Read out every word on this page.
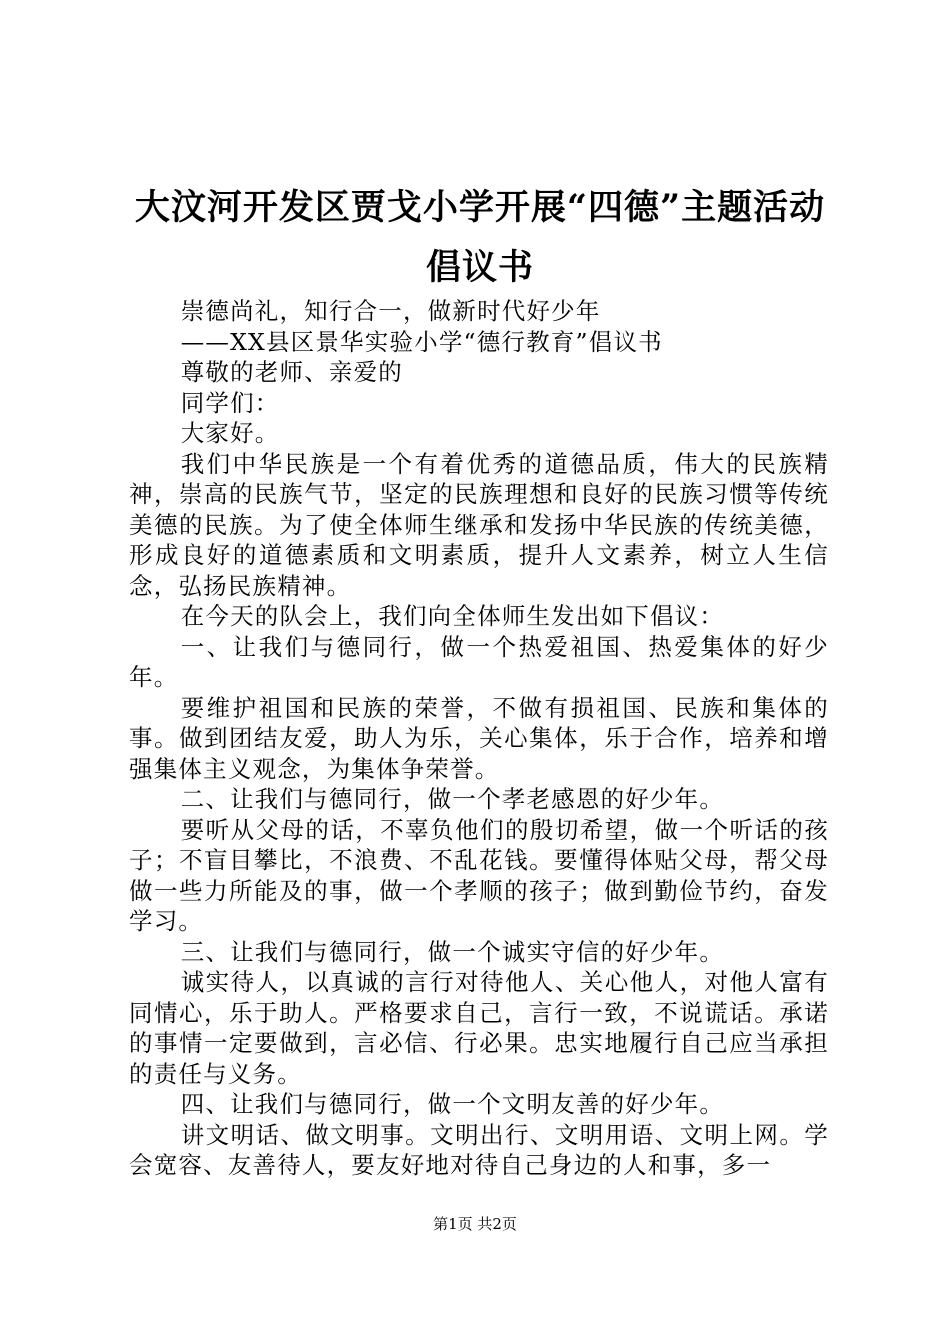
大汶河开发区贾戈小学开展“四德”主题活动
倡议书

崇德尚礼，知行合一，做新时代好少年

——XX县区景华实验小学“德行教育”倡议书

尊敬的老师、亲爱的

同学们：

大家好。

我们中华民族是一个有着优秀的道德品质，伟大的民族精神，崇高的民族气节，坚定的民族理想和良好的民族习惯等传统美德的民族。为了使全体师生继承和发扬中华民族的传统美德，形成良好的道德素质和文明素质，提升人文素养，树立人生信念，弘扬民族精神。

在今天的队会上，我们向全体师生发出如下倡议：

一、让我们与德同行，做一个热爱祖国、热爱集体的好少年。

要维护祖国和民族的荣誉，不做有损祖国、民族和集体的事。做到团结友爱，助人为乐，关心集体，乐于合作，培养和增强集体主义观念，为集体争荣誉。

二、让我们与德同行，做一个孝老感恩的好少年。

要听从父母的话，不辜负他们的殷切希望，做一个听话的孩子；不盲目攀比，不浪费、不乱花钱。要懂得体贴父母，帮父母做一些力所能及的事，做一个孝顺的孩子；做到勤俭节约，奋发学习。

三、让我们与德同行，做一个诚实守信的好少年。

诚实待人，以真诚的言行对待他人、关心他人，对他人富有同情心，乐于助人。严格要求自己，言行一致，不说谎话。承诺的事情一定要做到，言必信、行必果。忠实地履行自己应当承担的责任与义务。

四、让我们与德同行，做一个文明友善的好少年。

讲文明话、做文明事。文明出行、文明用语、文明上网。学会宽容、友善待人，要友好地对待自己身边的人和事，多一

第1页 共2页
